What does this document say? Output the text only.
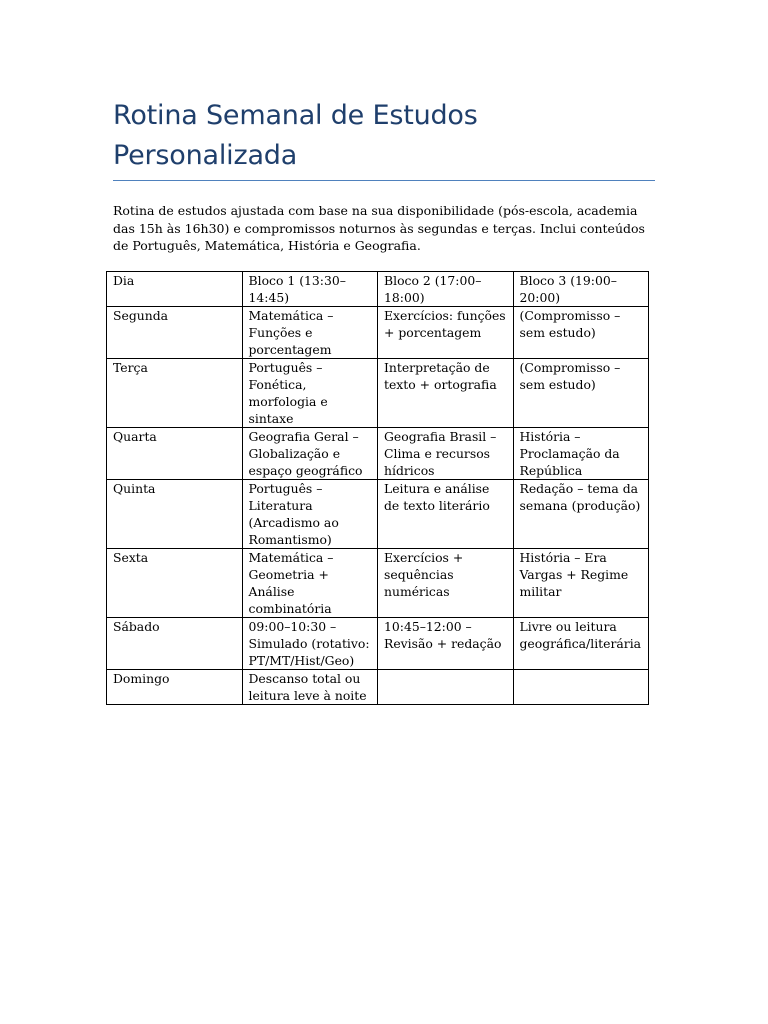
Rotina Semanal de Estudos Personalizada

Rotina de estudos ajustada com base na sua disponibilidade (pós-escola, academia das 15h às 16h30) e compromissos noturnos às segundas e terças. Inclui conteúdos de Português, Matemática, História e Geografia.

Dia	Bloco 1 (13:30–14:45)	Bloco 2 (17:00–18:00)	Bloco 3 (19:00–20:00)
Segunda	Matemática – Funções e porcentagem	Exercícios: funções + porcentagem	(Compromisso – sem estudo)
Terça	Português – Fonética, morfologia e sintaxe	Interpretação de texto + ortografia	(Compromisso – sem estudo)
Quarta	Geografia Geral – Globalização e espaço geográfico	Geografia Brasil – Clima e recursos hídricos	História – Proclamação da República
Quinta	Português – Literatura (Arcadismo ao Romantismo)	Leitura e análise de texto literário	Redação – tema da semana (produção)
Sexta	Matemática – Geometria + Análise combinatória	Exercícios + sequências numéricas	História – Era Vargas + Regime militar
Sábado	09:00–10:30 – Simulado (rotativo: PT/MT/Hist/Geo)	10:45–12:00 – Revisão + redação	Livre ou leitura geográfica/literária
Domingo	Descanso total ou leitura leve à noite		
